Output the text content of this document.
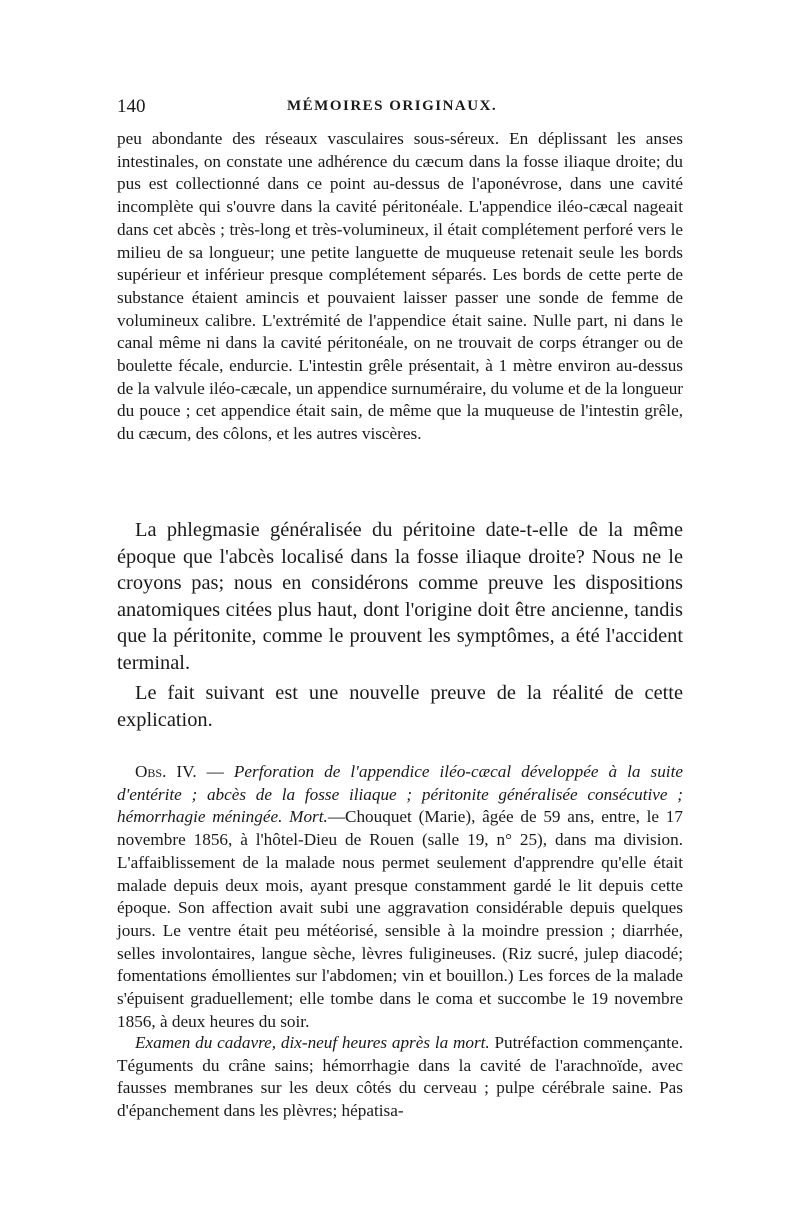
140	MÉMOIRES ORIGINAUX.

peu abondante des réseaux vasculaires sous-séreux. En déplissant les anses intestinales, on constate une adhérence du cæcum dans la fosse iliaque droite; du pus est collectionné dans ce point au-dessus de l'aponévrose, dans une cavité incomplète qui s'ouvre dans la cavité péritonéale. L'appendice iléo-cæcal nageait dans cet abcès ; très-long et très-volumineux, il était complétement perforé vers le milieu de sa longueur; une petite languette de muqueuse retenait seule les bords supérieur et inférieur presque complétement séparés. Les bords de cette perte de substance étaient amincis et pouvaient laisser passer une sonde de femme de volumineux calibre. L'extrémité de l'appendice était saine. Nulle part, ni dans le canal même ni dans la cavité péritonéale, on ne trouvait de corps étranger ou de boulette fécale, endurcie. L'intestin grêle présentait, à 1 mètre environ au-dessus de la valvule iléo-cæcale, un appendice surnuméraire, du volume et de la longueur du pouce ; cet appendice était sain, de même que la muqueuse de l'intestin grêle, du cæcum, des côlons, et les autres viscères.

La phlegmasie généralisée du péritoine date-t-elle de la même époque que l'abcès localisé dans la fosse iliaque droite? Nous ne le croyons pas; nous en considérons comme preuve les dispositions anatomiques citées plus haut, dont l'origine doit être ancienne, tandis que la péritonite, comme le prouvent les symptômes, a été l'accident terminal.

Le fait suivant est une nouvelle preuve de la réalité de cette explication.

Obs. IV. — Perforation de l'appendice iléo-cæcal développée à la suite d'entérite ; abcès de la fosse iliaque ; péritonite généralisée consécutive ; hémorrhagie méningée. Mort.—Chouquet (Marie), âgée de 59 ans, entre, le 17 novembre 1856, à l'hôtel-Dieu de Rouen (salle 19, n° 25), dans ma division. L'affaiblissement de la malade nous permet seulement d'apprendre qu'elle était malade depuis deux mois, ayant presque constamment gardé le lit depuis cette époque. Son affection avait subi une aggravation considérable depuis quelques jours. Le ventre était peu météorisé, sensible à la moindre pression ; diarrhée, selles involontaires, langue sèche, lèvres fuligineuses. (Riz sucré, julep diacodé; fomentations émollientes sur l'abdomen; vin et bouillon.) Les forces de la malade s'épuisent graduellement; elle tombe dans le coma et succombe le 19 novembre 1856, à deux heures du soir.

Examen du cadavre, dix-neuf heures après la mort. Putréfaction commençante. Téguments du crâne sains; hémorrhagie dans la cavité de l'arachnoïde, avec fausses membranes sur les deux côtés du cerveau ; pulpe cérébrale saine. Pas d'épanchement dans les plèvres; hépatisa-
